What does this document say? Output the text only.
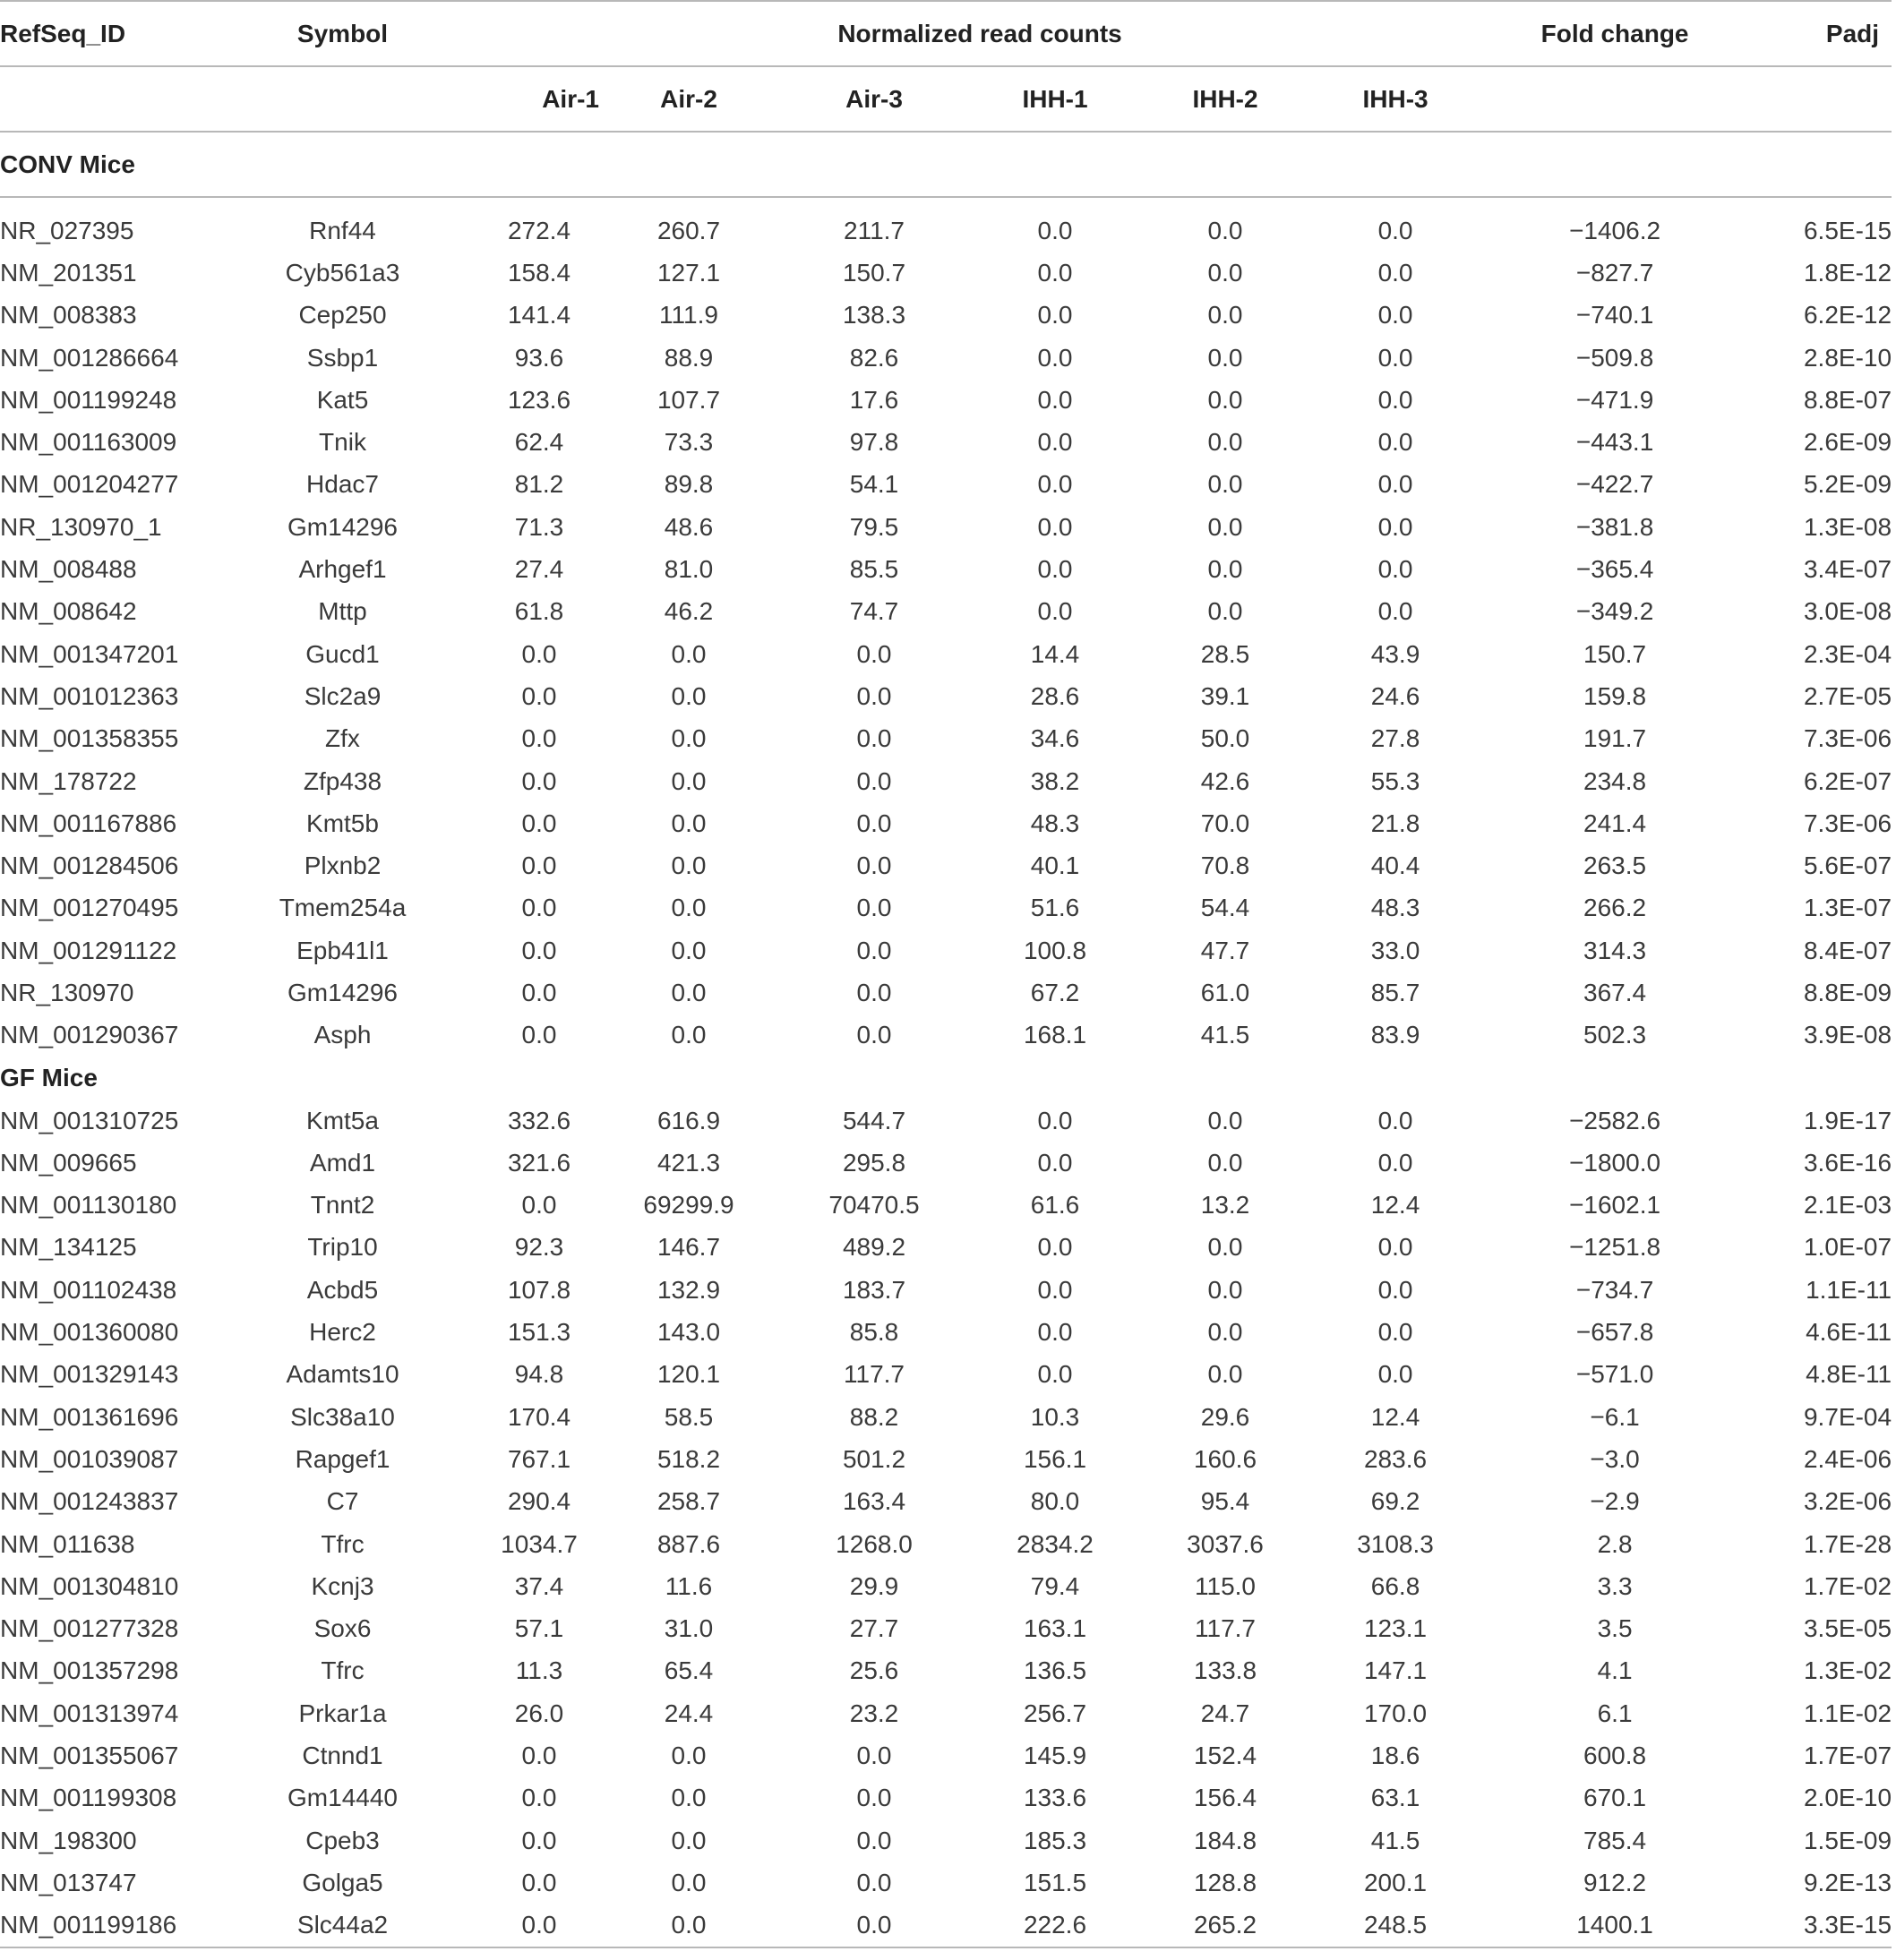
RefSeq_ID	Symbol	Normalized read counts						Fold change	Padj
		Air-1	Air-2	Air-3	IHH-1	IHH-2	IHH-3		
CONV Mice									
NR_027395	Rnf44	272.4	260.7	211.7	0.0	0.0	0.0	−1406.2	6.5E-15
NM_201351	Cyb561a3	158.4	127.1	150.7	0.0	0.0	0.0	−827.7	1.8E-12
NM_008383	Cep250	141.4	111.9	138.3	0.0	0.0	0.0	−740.1	6.2E-12
NM_001286664	Ssbp1	93.6	88.9	82.6	0.0	0.0	0.0	−509.8	2.8E-10
NM_001199248	Kat5	123.6	107.7	17.6	0.0	0.0	0.0	−471.9	8.8E-07
NM_001163009	Tnik	62.4	73.3	97.8	0.0	0.0	0.0	−443.1	2.6E-09
NM_001204277	Hdac7	81.2	89.8	54.1	0.0	0.0	0.0	−422.7	5.2E-09
NR_130970_1	Gm14296	71.3	48.6	79.5	0.0	0.0	0.0	−381.8	1.3E-08
NM_008488	Arhgef1	27.4	81.0	85.5	0.0	0.0	0.0	−365.4	3.4E-07
NM_008642	Mttp	61.8	46.2	74.7	0.0	0.0	0.0	−349.2	3.0E-08
NM_001347201	Gucd1	0.0	0.0	0.0	14.4	28.5	43.9	150.7	2.3E-04
NM_001012363	Slc2a9	0.0	0.0	0.0	28.6	39.1	24.6	159.8	2.7E-05
NM_001358355	Zfx	0.0	0.0	0.0	34.6	50.0	27.8	191.7	7.3E-06
NM_178722	Zfp438	0.0	0.0	0.0	38.2	42.6	55.3	234.8	6.2E-07
NM_001167886	Kmt5b	0.0	0.0	0.0	48.3	70.0	21.8	241.4	7.3E-06
NM_001284506	Plxnb2	0.0	0.0	0.0	40.1	70.8	40.4	263.5	5.6E-07
NM_001270495	Tmem254a	0.0	0.0	0.0	51.6	54.4	48.3	266.2	1.3E-07
NM_001291122	Epb41l1	0.0	0.0	0.0	100.8	47.7	33.0	314.3	8.4E-07
NR_130970	Gm14296	0.0	0.0	0.0	67.2	61.0	85.7	367.4	8.8E-09
NM_001290367	Asph	0.0	0.0	0.0	168.1	41.5	83.9	502.3	3.9E-08
GF Mice									
NM_001310725	Kmt5a	332.6	616.9	544.7	0.0	0.0	0.0	−2582.6	1.9E-17
NM_009665	Amd1	321.6	421.3	295.8	0.0	0.0	0.0	−1800.0	3.6E-16
NM_001130180	Tnnt2	0.0	69299.9	70470.5	61.6	13.2	12.4	−1602.1	2.1E-03
NM_134125	Trip10	92.3	146.7	489.2	0.0	0.0	0.0	−1251.8	1.0E-07
NM_001102438	Acbd5	107.8	132.9	183.7	0.0	0.0	0.0	−734.7	1.1E-11
NM_001360080	Herc2	151.3	143.0	85.8	0.0	0.0	0.0	−657.8	4.6E-11
NM_001329143	Adamts10	94.8	120.1	117.7	0.0	0.0	0.0	−571.0	4.8E-11
NM_001361696	Slc38a10	170.4	58.5	88.2	10.3	29.6	12.4	−6.1	9.7E-04
NM_001039087	Rapgef1	767.1	518.2	501.2	156.1	160.6	283.6	−3.0	2.4E-06
NM_001243837	C7	290.4	258.7	163.4	80.0	95.4	69.2	−2.9	3.2E-06
NM_011638	Tfrc	1034.7	887.6	1268.0	2834.2	3037.6	3108.3	2.8	1.7E-28
NM_001304810	Kcnj3	37.4	11.6	29.9	79.4	115.0	66.8	3.3	1.7E-02
NM_001277328	Sox6	57.1	31.0	27.7	163.1	117.7	123.1	3.5	3.5E-05
NM_001357298	Tfrc	11.3	65.4	25.6	136.5	133.8	147.1	4.1	1.3E-02
NM_001313974	Prkar1a	26.0	24.4	23.2	256.7	24.7	170.0	6.1	1.1E-02
NM_001355067	Ctnnd1	0.0	0.0	0.0	145.9	152.4	18.6	600.8	1.7E-07
NM_001199308	Gm14440	0.0	0.0	0.0	133.6	156.4	63.1	670.1	2.0E-10
NM_198300	Cpeb3	0.0	0.0	0.0	185.3	184.8	41.5	785.4	1.5E-09
NM_013747	Golga5	0.0	0.0	0.0	151.5	128.8	200.1	912.2	9.2E-13
NM_001199186	Slc44a2	0.0	0.0	0.0	222.6	265.2	248.5	1400.1	3.3E-15
